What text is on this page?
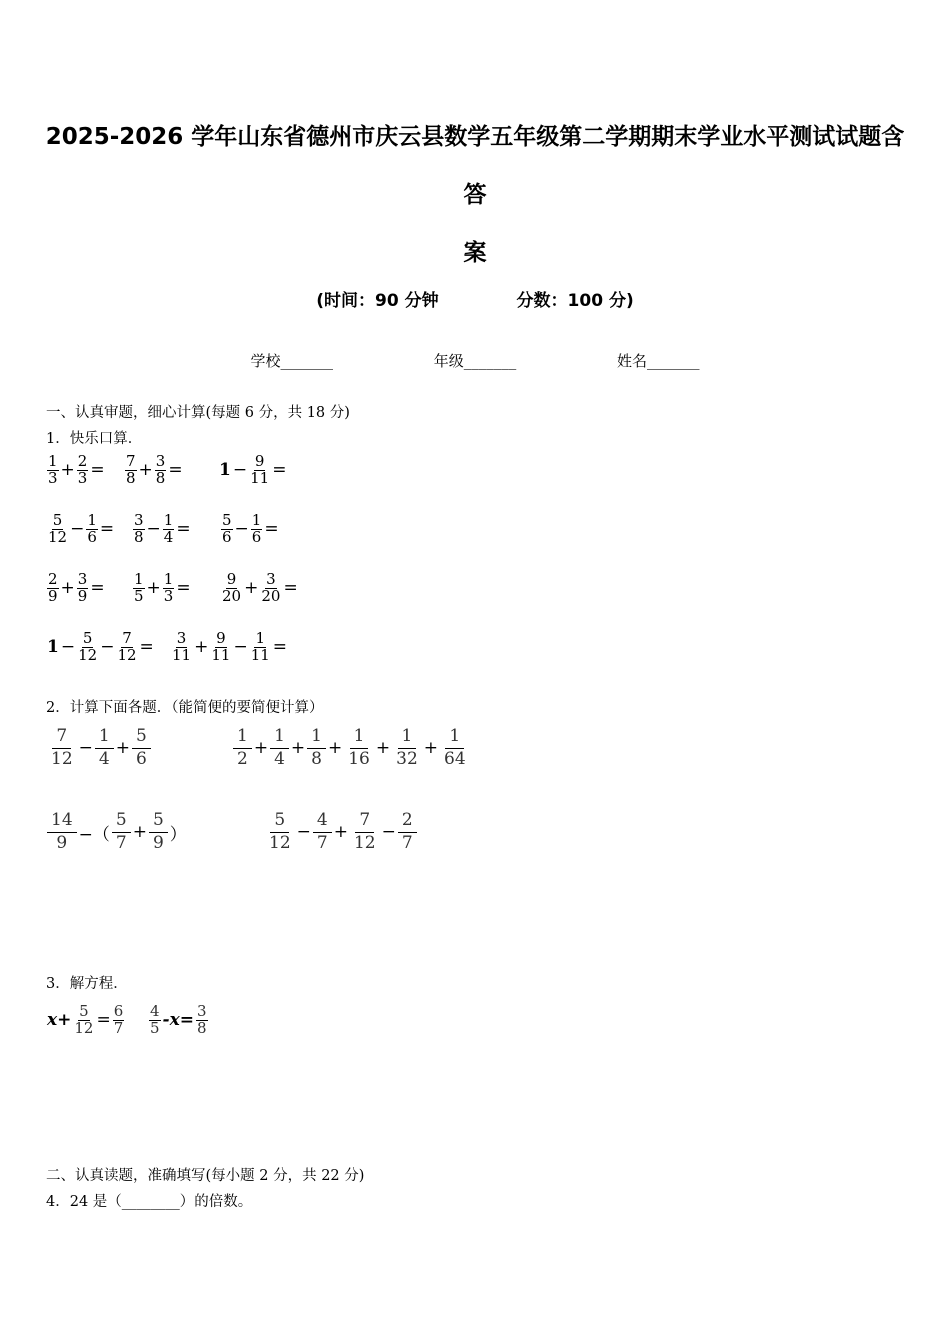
2025-2026 学年山东省德州市庆云县数学五年级第二学期期末学业水平测试试题含答
案
(时间：90 分钟	分数：100 分)
学校_______	年级_______	姓名_______
一、认真审题，细心计算(每题 6 分，共 18 分)
1．快乐口算．
$\frac{1}{3} + \frac{2}{3} = \frac{7}{8} + \frac{3}{8} = 1 - \frac{9}{11}$ =
$\frac{5}{12} - \frac{1}{6} = \frac{3}{8} - \frac{1}{4} = \frac{5}{6} - \frac{1}{6}$ =
$\frac{2}{9} + \frac{3}{9} = \frac{1}{5} + \frac{1}{3} = \frac{9}{20} + \frac{3}{20}$ =
$1 - \frac{5}{12} - \frac{7}{12} = \frac{3}{11} + \frac{9}{11} - \frac{1}{11}$ =
2．计算下面各题．（能简便的要简便计算）
$\frac{7}{12} - \frac{1}{4} + \frac{5}{6}$	$\frac{1}{2} + \frac{1}{4} + \frac{1}{8} + \frac{1}{16} + \frac{1}{32} + \frac{1}{64}$
$\frac{14}{9}$ −（ $\frac{5}{7} + \frac{5}{9}$ ）	$\frac{5}{12} - \frac{4}{7} + \frac{7}{12} - \frac{2}{7}$
3．解方程．
$x+ \frac{5}{12} = \frac{6}{7} \frac{4}{5} -x= \frac{3}{8}$
二、认真读题，准确填写(每小题 2 分，共 22 分)
4．24 是（________）的倍数。
